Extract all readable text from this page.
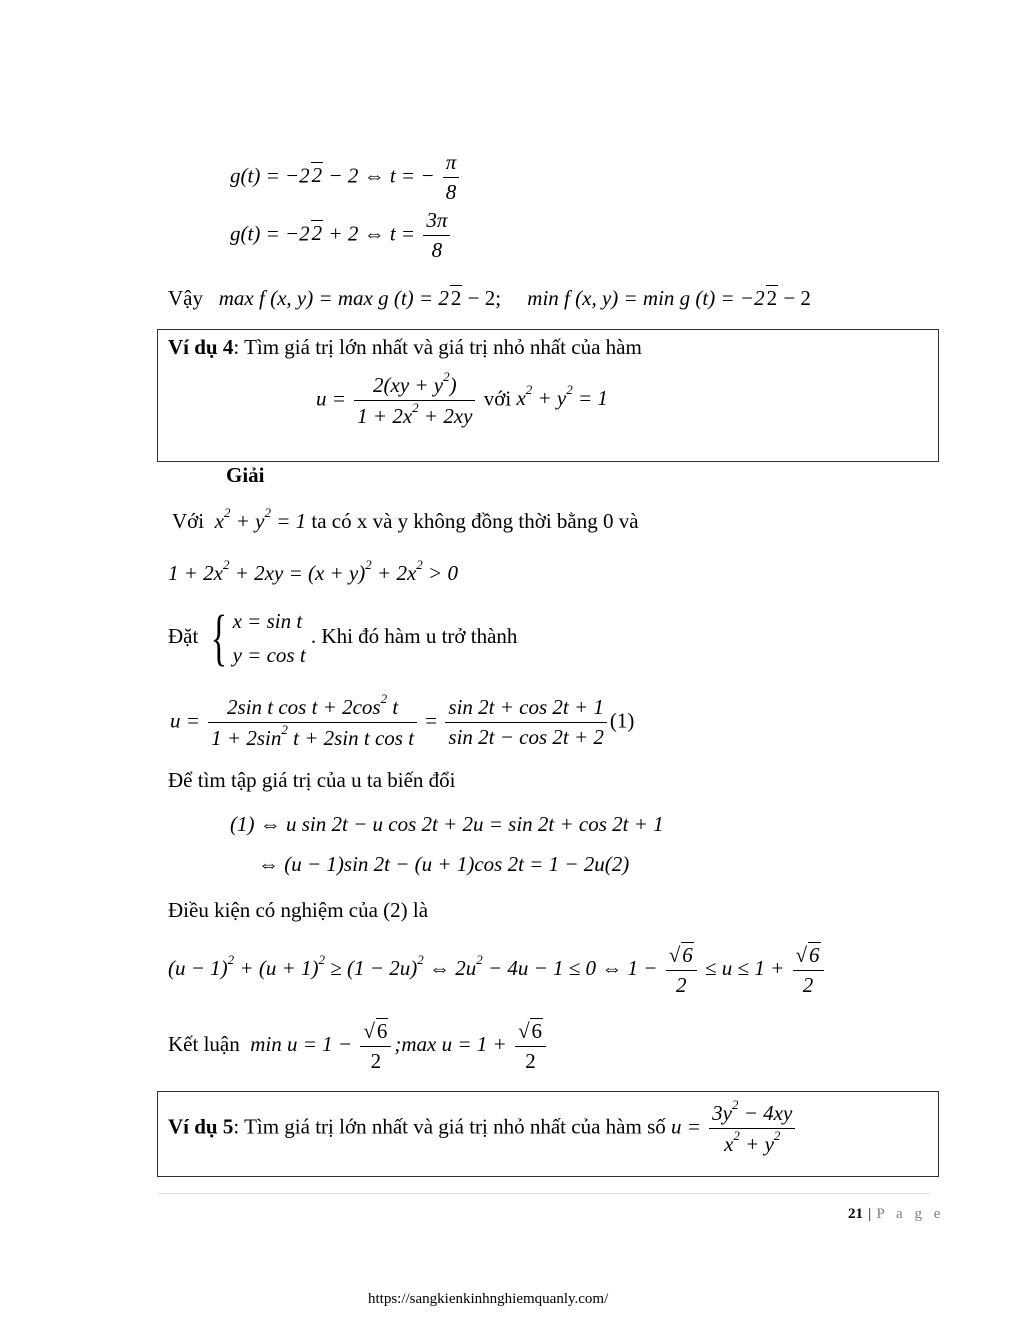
g(t) = −22 − 2 ⇔ t = − $\frac{\pi}{8}$
g(t) = −22 + 2 ⇔ $t = \frac{3\pi}{8}$
Vậy max f (x, y) = max g (t) = 22 − 2; min f (x, y) = min g (t) = −22 − 2
Ví dụ 4: Tìm giá trị lớn nhất và giá trị nhỏ nhất của hàm
$u = \frac{2(xy + y^2)}{1 + 2x^2 + 2xy}$ với $x^2 + y^2 = 1$
Giải
Với $x^2 + y^2 = 1$ ta có x và y không đồng thời bằng 0 và
$1 + 2x^2 + 2xy = (x + y)^2 + 2x^2 > 0$
Đặt { x = sin t
y = cos t
. Khi đó hàm u trở thành
$u = \frac{2\sin t \cos t + 2\cos^2 t}{1 + 2\sin^2 t + 2\sin t \cos t} = \frac{\sin 2t + \cos 2t + 1}{\sin 2t - \cos 2t + 2} (1)$
Để tìm tập giá trị của u ta biến đổi
(1) ⇔ u sin 2t − u cos 2t + 2u = sin 2t + cos 2t + 1
⇔ (u − 1)sin 2t − (u + 1)cos 2t = 1 − 2u(2)
Điều kiện có nghiệm của (2) là
$(u - 1)^2 + (u + 1)^2 \ge (1 - 2u)^2$ ⇔ $2u^2 - 4u - 1 \le 0$ ⇔ $1 - \frac{√6}{2} \le u \le 1 + \frac{√6}{2}$
Kết luận $\min u = 1 - \frac{√6}{2}$ ;max $u = 1 + \frac{√6}{2}$
Ví dụ 5: Tìm giá trị lớn nhất và giá trị nhỏ nhất của hàm số $u = \frac{3y^2 - 4xy}{x^2 + y^2}$
21 | P a g e
https://sangkienkinhnghiemquanly.com/
